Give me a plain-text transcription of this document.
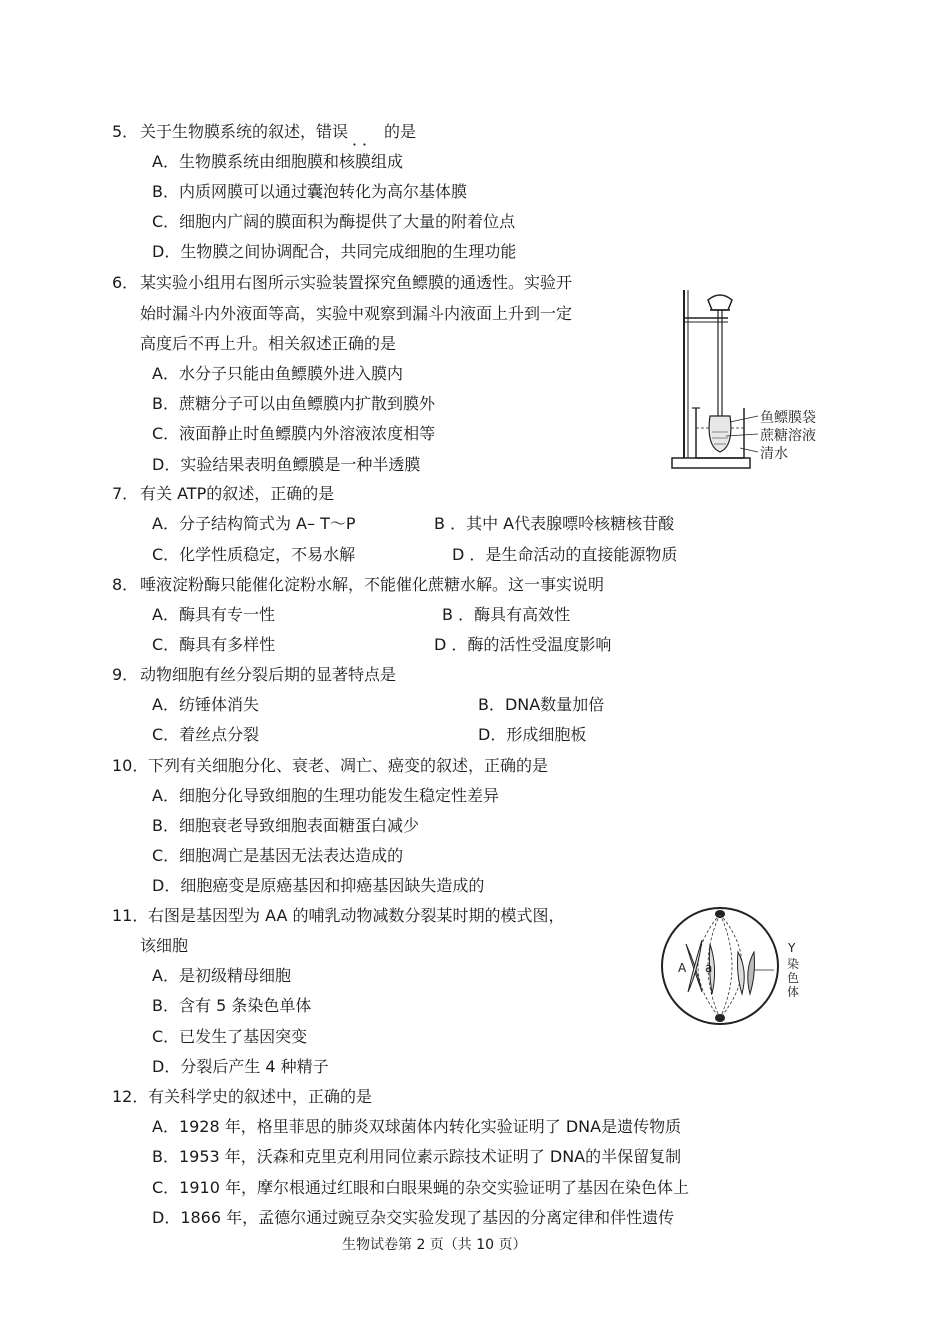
5． 关于生物膜系统的叙述，错误 ．． 的是
A．生物膜系统由细胞膜和核膜组成
B．内质网膜可以通过囊泡转化为高尔基体膜
C．细胞内广阔的膜面积为酶提供了大量的附着位点
D．生物膜之间协调配合，共同完成细胞的生理功能
6． 某实验小组用右图所示实验装置探究鱼鳔膜的通透性。实验开
始时漏斗内外液面等高，实验中观察到漏斗内液面上升到一定
高度后不再上升。相关叙述正确的是
A．水分子只能由鱼鳔膜外进入膜内
B．蔗糖分子可以由鱼鳔膜内扩散到膜外
C．液面静止时鱼鳔膜内外溶液浓度相等
D．实验结果表明鱼鳔膜是一种半透膜
鱼鳔膜袋
蔗糖溶液
清水
7． 有关 ATP的叙述，正确的是
A．分子结构简式为 A– T～P	B ．其中 A代表腺嘌呤核糖核苷酸
C．化学性质稳定，不易水解	D ．是生命活动的直接能源物质
8． 唾液淀粉酶只能催化淀粉水解，不能催化蔗糖水解。这一事实说明
A．酶具有专一性	B ．酶具有高效性
C．酶具有多样性	D ．酶的活性受温度影响
9． 动物细胞有丝分裂后期的显著特点是
A．纺锤体消失	B．DNA数量加倍
C．着丝点分裂	D．形成细胞板
10． 下列有关细胞分化、衰老、凋亡、癌变的叙述，正确的是
A．细胞分化导致细胞的生理功能发生稳定性差异
B．细胞衰老导致细胞表面糖蛋白减少
C．细胞凋亡是基因无法表达造成的
D．细胞癌变是原癌基因和抑癌基因缺失造成的
11． 右图是基因型为 AA 的哺乳动物减数分裂某时期的模式图，
该细胞
A．是初级精母细胞
B．含有 5 条染色单体
C．已发生了基因突变
D．分裂后产生 4 种精子
A a
Y
染
色
体
12． 有关科学史的叙述中，正确的是
A．1928 年，格里菲思的肺炎双球菌体内转化实验证明了 DNA是遗传物质
B．1953 年，沃森和克里克利用同位素示踪技术证明了 DNA的半保留复制
C．1910 年，摩尔根通过红眼和白眼果蝇的杂交实验证明了基因在染色体上
D．1866 年，孟德尔通过豌豆杂交实验发现了基因的分离定律和伴性遗传
生物试卷第 2 页（共 10 页）
